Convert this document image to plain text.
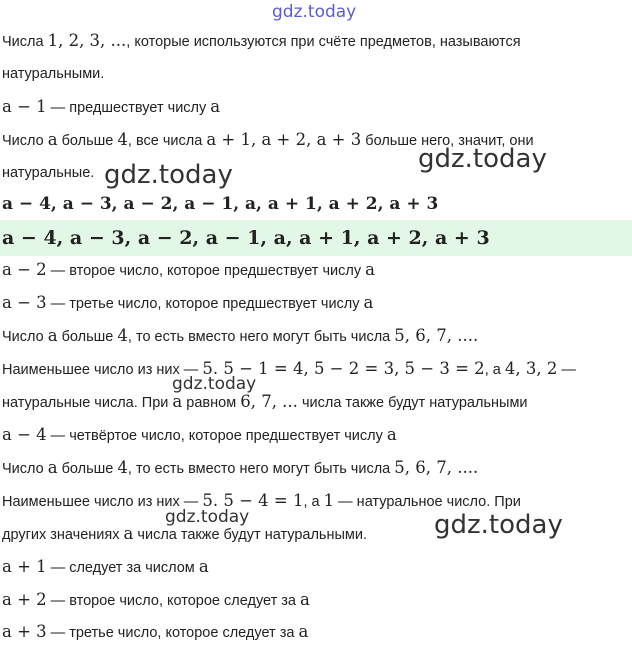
gdz.today
Числа 1, 2, 3, ..., которые используются при счёте предметов, называются
натуральными.
a − 1 — предшествует числу a
Число a больше 4, все числа a + 1, a + 2, a + 3 больше него, значит, они
натуральные.	gdz.today
gdz.today
a − 4, a − 3, a − 2, a − 1, a, a + 1, a + 2, a + 3
a − 4, a − 3, a − 2, a − 1, a, a + 1, a + 2, a + 3
a − 2 — второе число, которое предшествует числу a
a − 3 — третье число, которое предшествует числу a
Число a больше 4, то есть вместо него могут быть числа 5, 6, 7, ....
Наименьшее число из них — 5. 5 − 1 = 4, 5 − 2 = 3, 5 − 3 = 2, а 4, 3, 2 —
gdz.today
натуральные числа. При a равном 6, 7, ... числа также будут натуральными
a − 4 — четвёртое число, которое предшествует числу a
Число a больше 4, то есть вместо него могут быть числа 5, 6, 7, ....
Наименьшее число из них — 5. 5 − 4 = 1, а 1 — натуральное число. При
gdz.today	gdz.today
других значениях a числа также будут натуральными.
a + 1 — следует за числом a
a + 2 — второе число, которое следует за a
a + 3 — третье число, которое следует за a
